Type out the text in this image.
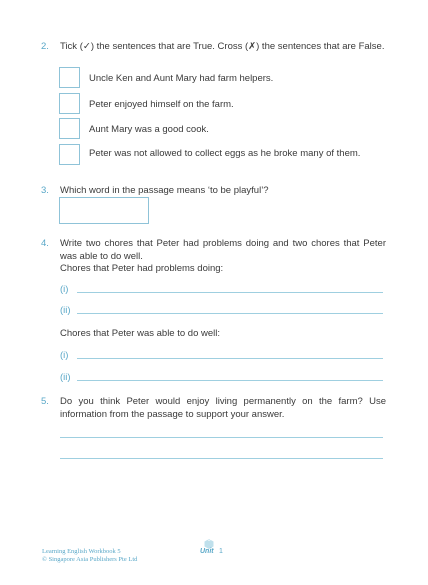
2. Tick (✓) the sentences that are True. Cross (✗) the sentences that are False.
Uncle Ken and Aunt Mary had farm helpers.
Peter enjoyed himself on the farm.
Aunt Mary was a good cook.
Peter was not allowed to collect eggs as he broke many of them.
3. Which word in the passage means ‘to be playful’?
4. Write two chores that Peter had problems doing and two chores that Peter was able to do well.
Chores that Peter had problems doing:
(i)
(ii)
Chores that Peter was able to do well:
(i)
(ii)
5. Do you think Peter would enjoy living permanently on the farm? Use information from the passage to support your answer.
Learning English Workbook 5
© Singapore Asia Publishers Pte Ltd
6
Unit 1
